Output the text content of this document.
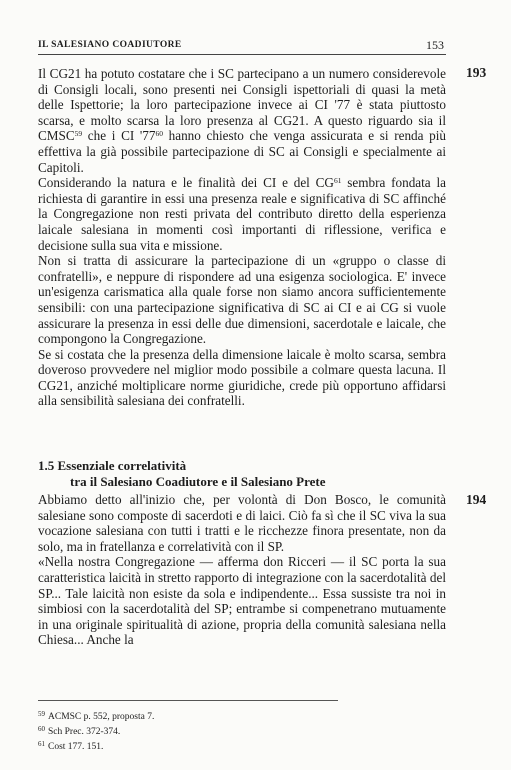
IL SALESIANO COADIUTORE	153
193

Il CG21 ha potuto costatare che i SC partecipano a un numero considerevole di Consigli locali, sono presenti nei Consigli ispettoriali di quasi la metà delle Ispettorie; la loro partecipazione invece ai CI '77 è stata piuttosto scarsa, e molto scarsa la loro presenza al CG21. A questo riguardo sia il CMSC$^{59}$ che i CI '77$^{60}$ hanno chiesto che venga assicurata e si renda più effettiva la già possibile partecipazione di SC ai Consigli e specialmente ai Capitoli.

Considerando la natura e le finalità dei CI e del CG$^{61}$ sembra fondata la richiesta di garantire in essi una presenza reale e significativa di SC affinché la Congregazione non resti privata del contributo diretto della esperienza laicale salesiana in momenti così importanti di riflessione, verifica e decisione sulla sua vita e missione.

Non si tratta di assicurare la partecipazione di un «gruppo o classe di confratelli», e neppure di rispondere ad una esigenza sociologica. E' invece un'esigenza carismatica alla quale forse non siamo ancora sufficientemente sensibili: con una partecipazione significativa di SC ai CI e ai CG si vuole assicurare la presenza in essi delle due dimensioni, sacerdotale e laicale, che compongono la Congregazione.

Se si costata che la presenza della dimensione laicale è molto scarsa, sembra doveroso provvedere nel miglior modo possibile a colmare questa lacuna. Il CG21, anziché moltiplicare norme giuridiche, crede più opportuno affidarsi alla sensibilità salesiana dei confratelli.

1.5 Essenziale correlatività
tra il Salesiano Coadiutore e il Salesiano Prete
194

Abbiamo detto all'inizio che, per volontà di Don Bosco, le comunità salesiane sono composte di sacerdoti e di laici. Ciò fa sì che il SC viva la sua vocazione salesiana con tutti i tratti e le ricchezze finora presentate, non da solo, ma in fratellanza e correlatività con il SP.

«Nella nostra Congregazione — afferma don Ricceri — il SC porta la sua caratteristica laicità in stretto rapporto di integrazione con la sacerdotalità del SP... Tale laicità non esiste da sola e indipendente... Essa sussiste tra noi in simbiosi con la sacerdotalità del SP; entrambe si compenetrano mutuamente in una originale spiritualità di azione, propria della comunità salesiana nella Chiesa... Anche la

$^{59}$ ACMSC p. 552, proposta 7.
$^{60}$ Sch Prec. 372-374.
$^{61}$ Cost 177. 151.
